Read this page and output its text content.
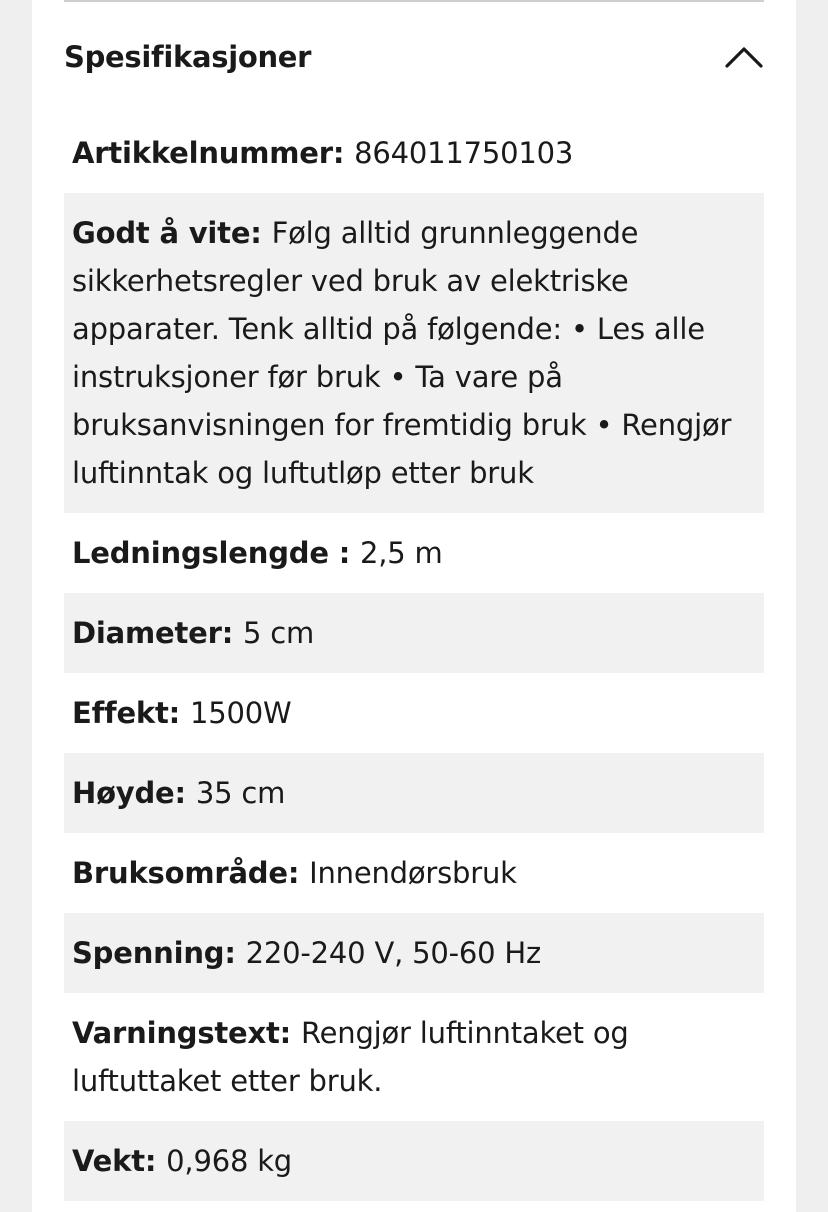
Spesifikasjoner
Artikkelnummer: 864011750103
Godt å vite: Følg alltid grunnleggende sikkerhetsregler ved bruk av elektriske apparater. Tenk alltid på følgende: • Les alle instruksjoner før bruk • Ta vare på bruksanvisningen for fremtidig bruk • Rengjør luftinntak og luftutløp etter bruk
Ledningslengde : 2,5 m
Diameter: 5 cm
Effekt: 1500W
Høyde: 35 cm
Bruksområde: Innendørsbruk
Spenning: 220-240 V, 50-60 Hz
Varningstext: Rengjør luftinntaket og luftuttaket etter bruk.
Vekt: 0,968 kg
